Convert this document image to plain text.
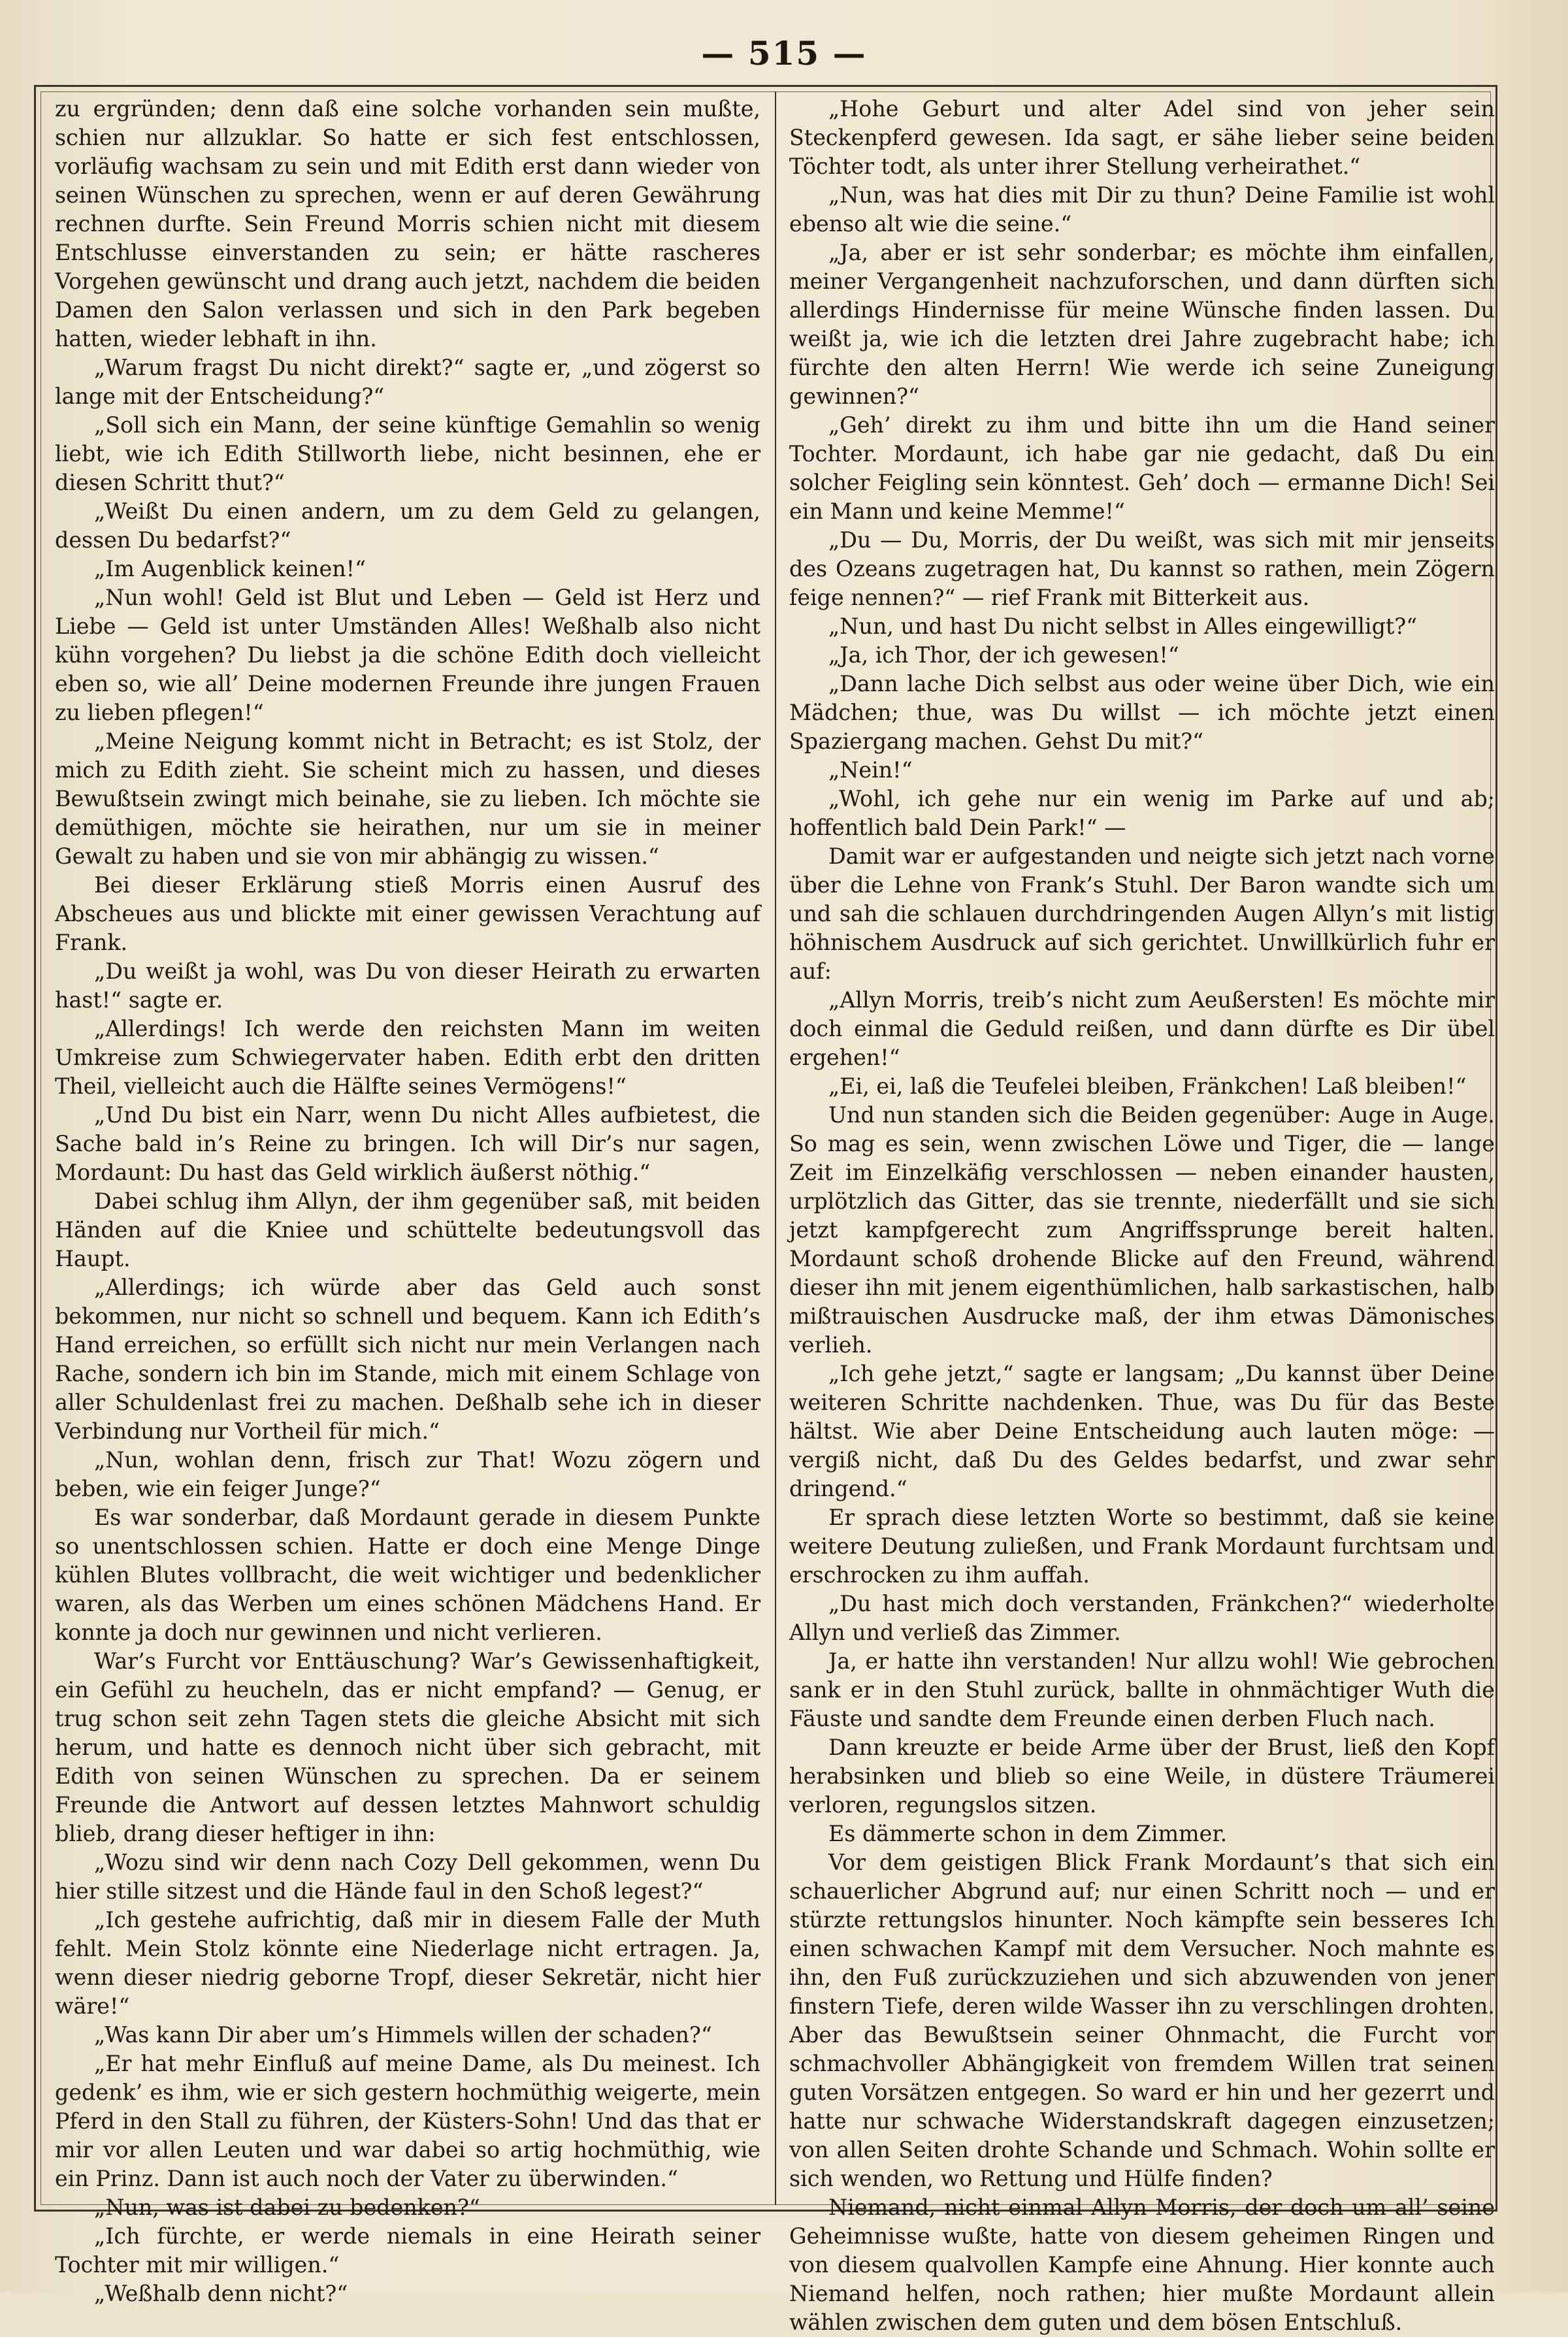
— 515 —

zu ergründen; denn daß eine solche vorhanden sein mußte, schien nur allzuklar. So hatte er sich fest entschlossen, vorläufig wachsam zu sein und mit Edith erst dann wieder von seinen Wünschen zu sprechen, wenn er auf deren Gewährung rechnen durfte. Sein Freund Morris schien nicht mit diesem Entschlusse einverstanden zu sein; er hätte rascheres Vorgehen gewünscht und drang auch jetzt, nachdem die beiden Damen den Salon verlassen und sich in den Park begeben hatten, wieder lebhaft in ihn.

„Warum fragst Du nicht direkt?“ sagte er, „und zögerst so lange mit der Entscheidung?“

„Soll sich ein Mann, der seine künftige Gemahlin so wenig liebt, wie ich Edith Stillworth liebe, nicht besinnen, ehe er diesen Schritt thut?“

„Weißt Du einen andern, um zu dem Geld zu gelangen, dessen Du bedarfst?“

„Im Augenblick keinen!“

„Nun wohl! Geld ist Blut und Leben — Geld ist Herz und Liebe — Geld ist unter Umständen Alles! Weßhalb also nicht kühn vorgehen? Du liebst ja die schöne Edith doch vielleicht eben so, wie all’ Deine modernen Freunde ihre jungen Frauen zu lieben pflegen!“

„Meine Neigung kommt nicht in Betracht; es ist Stolz, der mich zu Edith zieht. Sie scheint mich zu hassen, und dieses Bewußtsein zwingt mich beinahe, sie zu lieben. Ich möchte sie demüthigen, möchte sie heirathen, nur um sie in meiner Gewalt zu haben und sie von mir abhängig zu wissen.“

Bei dieser Erklärung stieß Morris einen Ausruf des Abscheues aus und blickte mit einer gewissen Verachtung auf Frank.

„Du weißt ja wohl, was Du von dieser Heirath zu erwarten hast!“ sagte er.

„Allerdings! Ich werde den reichsten Mann im weiten Umkreise zum Schwiegervater haben. Edith erbt den dritten Theil, vielleicht auch die Hälfte seines Vermögens!“

„Und Du bist ein Narr, wenn Du nicht Alles aufbietest, die Sache bald in’s Reine zu bringen. Ich will Dir’s nur sagen, Mordaunt: Du hast das Geld wirklich äußerst nöthig.“

Dabei schlug ihm Allyn, der ihm gegenüber saß, mit beiden Händen auf die Kniee und schüttelte bedeutungsvoll das Haupt.

„Allerdings; ich würde aber das Geld auch sonst bekommen, nur nicht so schnell und bequem. Kann ich Edith’s Hand erreichen, so erfüllt sich nicht nur mein Verlangen nach Rache, sondern ich bin im Stande, mich mit einem Schlage von aller Schuldenlast frei zu machen. Deßhalb sehe ich in dieser Verbindung nur Vortheil für mich.“

„Nun, wohlan denn, frisch zur That! Wozu zögern und beben, wie ein feiger Junge?“

Es war sonderbar, daß Mordaunt gerade in diesem Punkte so unentschlossen schien. Hatte er doch eine Menge Dinge kühlen Blutes vollbracht, die weit wichtiger und bedenklicher waren, als das Werben um eines schönen Mädchens Hand. Er konnte ja doch nur gewinnen und nicht verlieren.

War’s Furcht vor Enttäuschung? War’s Gewissenhaftigkeit, ein Gefühl zu heucheln, das er nicht empfand? — Genug, er trug schon seit zehn Tagen stets die gleiche Absicht mit sich herum, und hatte es dennoch nicht über sich gebracht, mit Edith von seinen Wünschen zu sprechen. Da er seinem Freunde die Antwort auf dessen letztes Mahnwort schuldig blieb, drang dieser heftiger in ihn:

„Wozu sind wir denn nach Cozy Dell gekommen, wenn Du hier stille sitzest und die Hände faul in den Schoß legest?“

„Ich gestehe aufrichtig, daß mir in diesem Falle der Muth fehlt. Mein Stolz könnte eine Niederlage nicht ertragen. Ja, wenn dieser niedrig geborne Tropf, dieser Sekretär, nicht hier wäre!“

„Was kann Dir aber um’s Himmels willen der schaden?“

„Er hat mehr Einfluß auf meine Dame, als Du meinest. Ich gedenk’ es ihm, wie er sich gestern hochmüthig weigerte, mein Pferd in den Stall zu führen, der Küsters-Sohn! Und das that er mir vor allen Leuten und war dabei so artig hochmüthig, wie ein Prinz. Dann ist auch noch der Vater zu überwinden.“

„Nun, was ist dabei zu bedenken?“

„Ich fürchte, er werde niemals in eine Heirath seiner Tochter mit mir willigen.“

„Weßhalb denn nicht?“

„Hohe Geburt und alter Adel sind von jeher sein Steckenpferd gewesen. Ida sagt, er sähe lieber seine beiden Töchter todt, als unter ihrer Stellung verheirathet.“

„Nun, was hat dies mit Dir zu thun? Deine Familie ist wohl ebenso alt wie die seine.“

„Ja, aber er ist sehr sonderbar; es möchte ihm einfallen, meiner Vergangenheit nachzuforschen, und dann dürften sich allerdings Hindernisse für meine Wünsche finden lassen. Du weißt ja, wie ich die letzten drei Jahre zugebracht habe; ich fürchte den alten Herrn! Wie werde ich seine Zuneigung gewinnen?“

„Geh’ direkt zu ihm und bitte ihn um die Hand seiner Tochter. Mordaunt, ich habe gar nie gedacht, daß Du ein solcher Feigling sein könntest. Geh’ doch — ermanne Dich! Sei ein Mann und keine Memme!“

„Du — Du, Morris, der Du weißt, was sich mit mir jenseits des Ozeans zugetragen hat, Du kannst so rathen, mein Zögern feige nennen?“ — rief Frank mit Bitterkeit aus.

„Nun, und hast Du nicht selbst in Alles eingewilligt?“

„Ja, ich Thor, der ich gewesen!“

„Dann lache Dich selbst aus oder weine über Dich, wie ein Mädchen; thue, was Du willst — ich möchte jetzt einen Spaziergang machen. Gehst Du mit?“

„Nein!“

„Wohl, ich gehe nur ein wenig im Parke auf und ab; hoffentlich bald Dein Park!“ —

Damit war er aufgestanden und neigte sich jetzt nach vorne über die Lehne von Frank’s Stuhl. Der Baron wandte sich um und sah die schlauen durchdringenden Augen Allyn’s mit listig höhnischem Ausdruck auf sich gerichtet. Unwillkürlich fuhr er auf:

„Allyn Morris, treib’s nicht zum Aeußersten! Es möchte mir doch einmal die Geduld reißen, und dann dürfte es Dir übel ergehen!“

„Ei, ei, laß die Teufelei bleiben, Fränkchen! Laß bleiben!“

Und nun standen sich die Beiden gegenüber: Auge in Auge. So mag es sein, wenn zwischen Löwe und Tiger, die — lange Zeit im Einzelkäfig verschlossen — neben einander hausten, urplötzlich das Gitter, das sie trennte, niederfällt und sie sich jetzt kampfgerecht zum Angriffssprunge bereit halten. Mordaunt schoß drohende Blicke auf den Freund, während dieser ihn mit jenem eigenthümlichen, halb sarkastischen, halb mißtrauischen Ausdrucke maß, der ihm etwas Dämonisches verlieh.

„Ich gehe jetzt,“ sagte er langsam; „Du kannst über Deine weiteren Schritte nachdenken. Thue, was Du für das Beste hältst. Wie aber Deine Entscheidung auch lauten möge: — vergiß nicht, daß Du des Geldes bedarfst, und zwar sehr dringend.“

Er sprach diese letzten Worte so bestimmt, daß sie keine weitere Deutung zuließen, und Frank Mordaunt furchtsam und erschrocken zu ihm auffah.

„Du hast mich doch verstanden, Fränkchen?“ wiederholte Allyn und verließ das Zimmer.

Ja, er hatte ihn verstanden! Nur allzu wohl! Wie gebrochen sank er in den Stuhl zurück, ballte in ohnmächtiger Wuth die Fäuste und sandte dem Freunde einen derben Fluch nach.

Dann kreuzte er beide Arme über der Brust, ließ den Kopf herabsinken und blieb so eine Weile, in düstere Träumerei verloren, regungslos sitzen.

Es dämmerte schon in dem Zimmer.

Vor dem geistigen Blick Frank Mordaunt’s that sich ein schauerlicher Abgrund auf; nur einen Schritt noch — und er stürzte rettungslos hinunter. Noch kämpfte sein besseres Ich einen schwachen Kampf mit dem Versucher. Noch mahnte es ihn, den Fuß zurückzuziehen und sich abzuwenden von jener finstern Tiefe, deren wilde Wasser ihn zu verschlingen drohten. Aber das Bewußtsein seiner Ohnmacht, die Furcht vor schmachvoller Abhängigkeit von fremdem Willen trat seinen guten Vorsätzen entgegen. So ward er hin und her gezerrt und hatte nur schwache Widerstandskraft dagegen einzusetzen; von allen Seiten drohte Schande und Schmach. Wohin sollte er sich wenden, wo Rettung und Hülfe finden?

Niemand, nicht einmal Allyn Morris, der doch um all’ seine Geheimnisse wußte, hatte von diesem geheimen Ringen und von diesem qualvollen Kampfe eine Ahnung. Hier konnte auch Niemand helfen, noch rathen; hier mußte Mordaunt allein wählen zwischen dem guten und dem bösen Entschluß.
